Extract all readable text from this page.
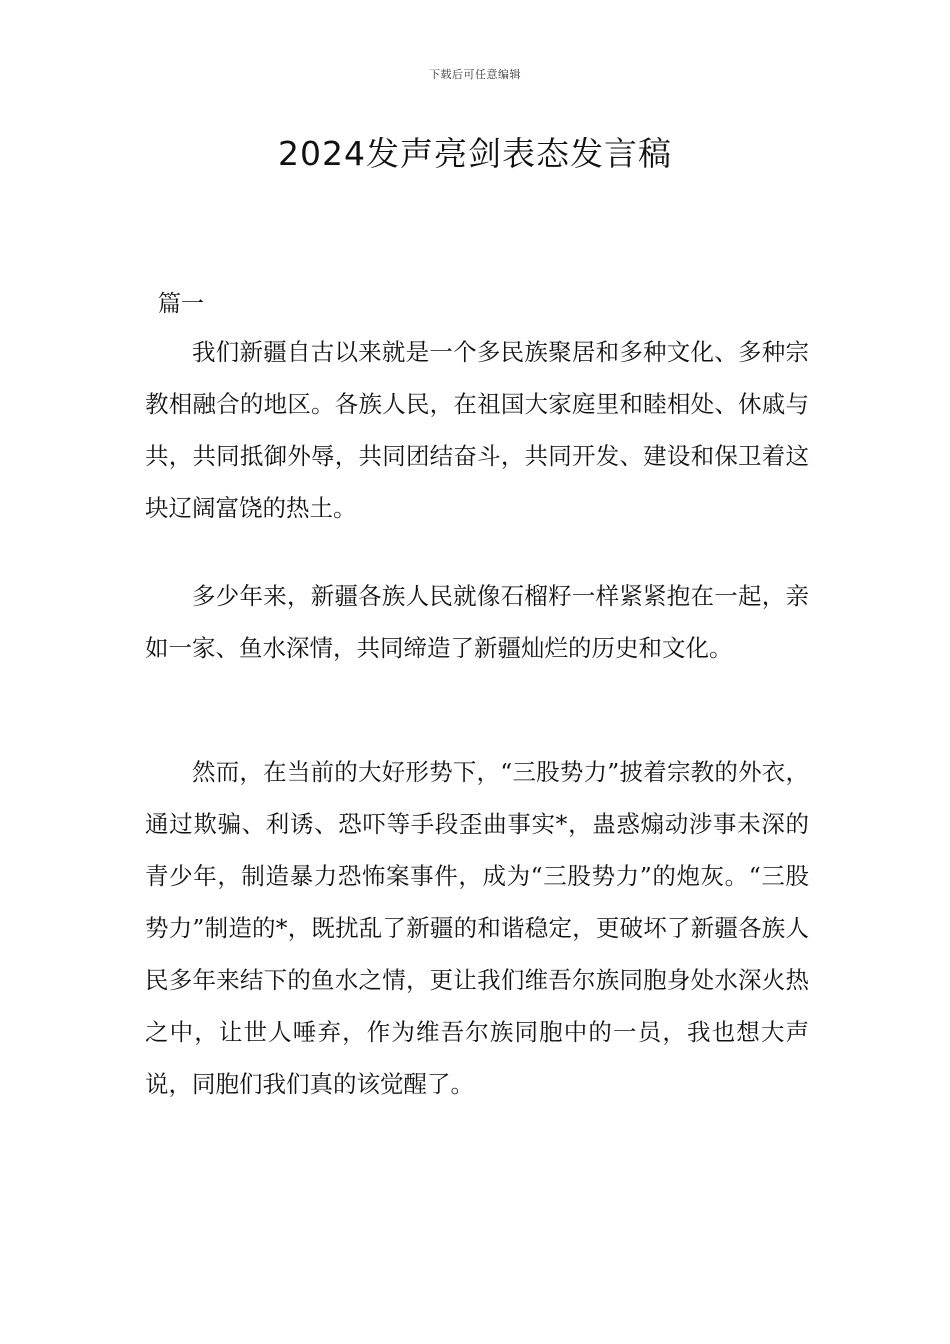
下载后可任意编辑
2024发声亮剑表态发言稿
篇一

我们新疆自古以来就是一个多民族聚居和多种文化、多种宗教相融合的地区。各族人民，在祖国大家庭里和睦相处、休戚与共，共同抵御外辱，共同团结奋斗，共同开发、建设和保卫着这块辽阔富饶的热土。

多少年来，新疆各族人民就像石榴籽一样紧紧抱在一起，亲如一家、鱼水深情，共同缔造了新疆灿烂的历史和文化。

然而，在当前的大好形势下，“三股势力”披着宗教的外衣，通过欺骗、利诱、恐吓等手段歪曲事实*，蛊惑煽动涉事未深的青少年，制造暴力恐怖案事件，成为“三股势力”的炮灰。“三股势力”制造的*，既扰乱了新疆的和谐稳定，更破坏了新疆各族人民多年来结下的鱼水之情，更让我们维吾尔族同胞身处水深火热之中，让世人唾弃，作为维吾尔族同胞中的一员，我也想大声说，同胞们我们真的该觉醒了。
